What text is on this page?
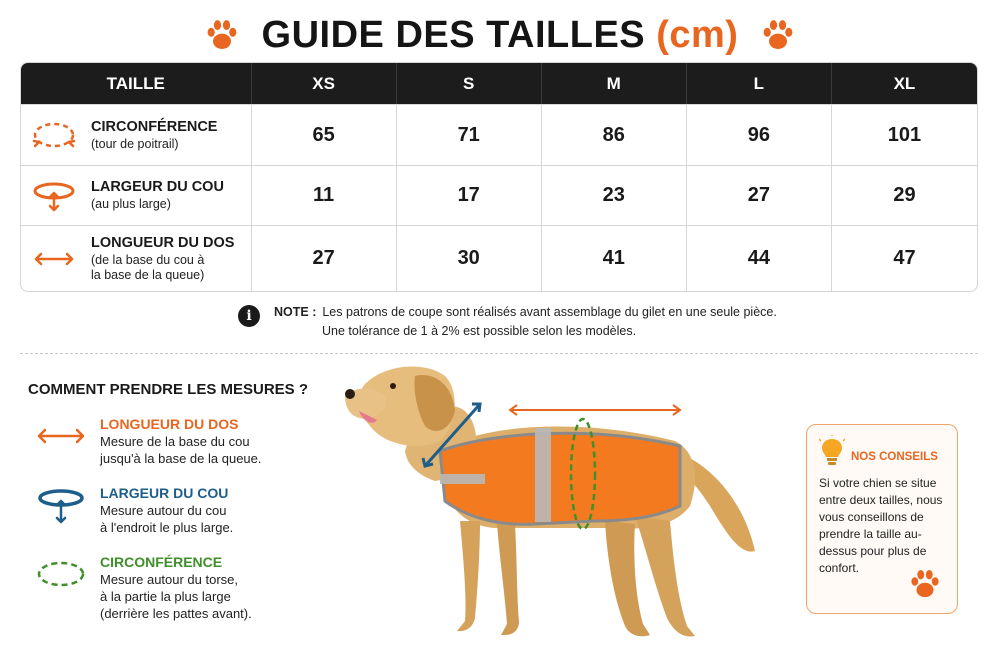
GUIDE DES TAILLES (cm)
TAILLE	XS	S	M	L	XL
CIRCONFÉRENCE
(tour de poitrail)	65	71	86	96	101
LARGEUR DU COU
(au plus large)	11	17	23	27	29
LONGUEUR DU DOS
(de la base du cou à
la base de la queue)
27	30	41	44	47
i	NOTE : Les patrons de coupe sont réalisés avant assemblage du gilet en une seule pièce.
Une tolérance de 1 à 2% est possible selon les modèles.
COMMENT PRENDRE LES MESURES ?
LONGUEUR DU DOS
Mesure de la base du cou
jusqu'à la base de la queue.
LARGEUR DU COU
Mesure autour du cou
à l'endroit le plus large.
CIRCONFÉRENCE
Mesure autour du torse,
à la partie la plus large
(derrière les pattes avant).
NOS CONSEILS
Si votre chien se situe entre deux tailles, nous vous conseillons de prendre la taille au-dessus pour plus de confort.
